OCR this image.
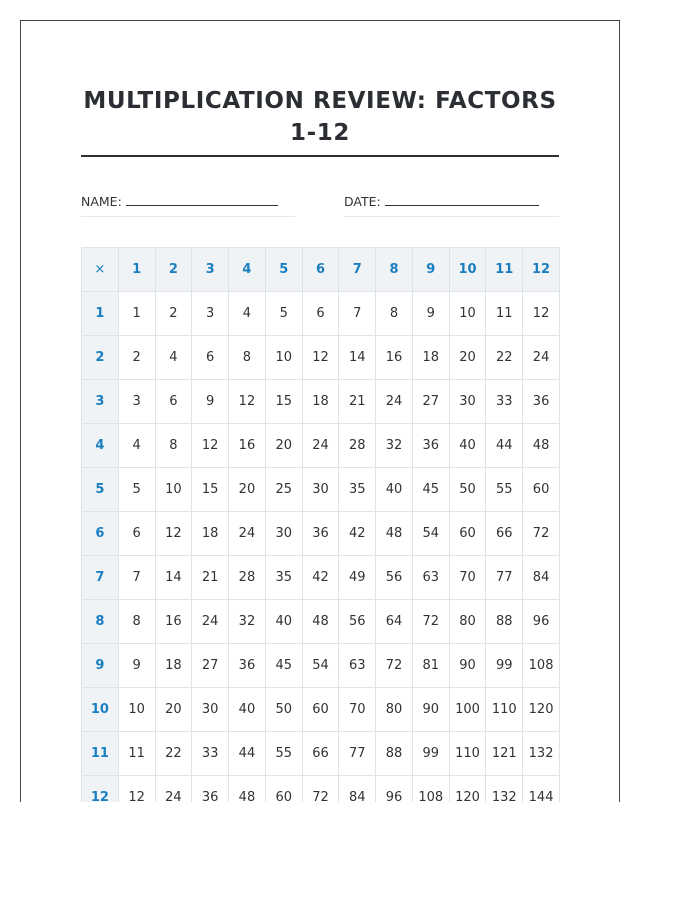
MULTIPLICATION REVIEW: FACTORS 1-12
NAME:	DATE:
×	1	2	3	4	5	6	7	8	9	10	11	12
1	1	2	3	4	5	6	7	8	9	10	11	12
2	2	4	6	8	10	12	14	16	18	20	22	24
3	3	6	9	12	15	18	21	24	27	30	33	36
4	4	8	12	16	20	24	28	32	36	40	44	48
5	5	10	15	20	25	30	35	40	45	50	55	60
6	6	12	18	24	30	36	42	48	54	60	66	72
7	7	14	21	28	35	42	49	56	63	70	77	84
8	8	16	24	32	40	48	56	64	72	80	88	96
9	9	18	27	36	45	54	63	72	81	90	99	108
10	10	20	30	40	50	60	70	80	90	100	110	120
11	11	22	33	44	55	66	77	88	99	110	121	132
12	12	24	36	48	60	72	84	96	108	120	132	144
